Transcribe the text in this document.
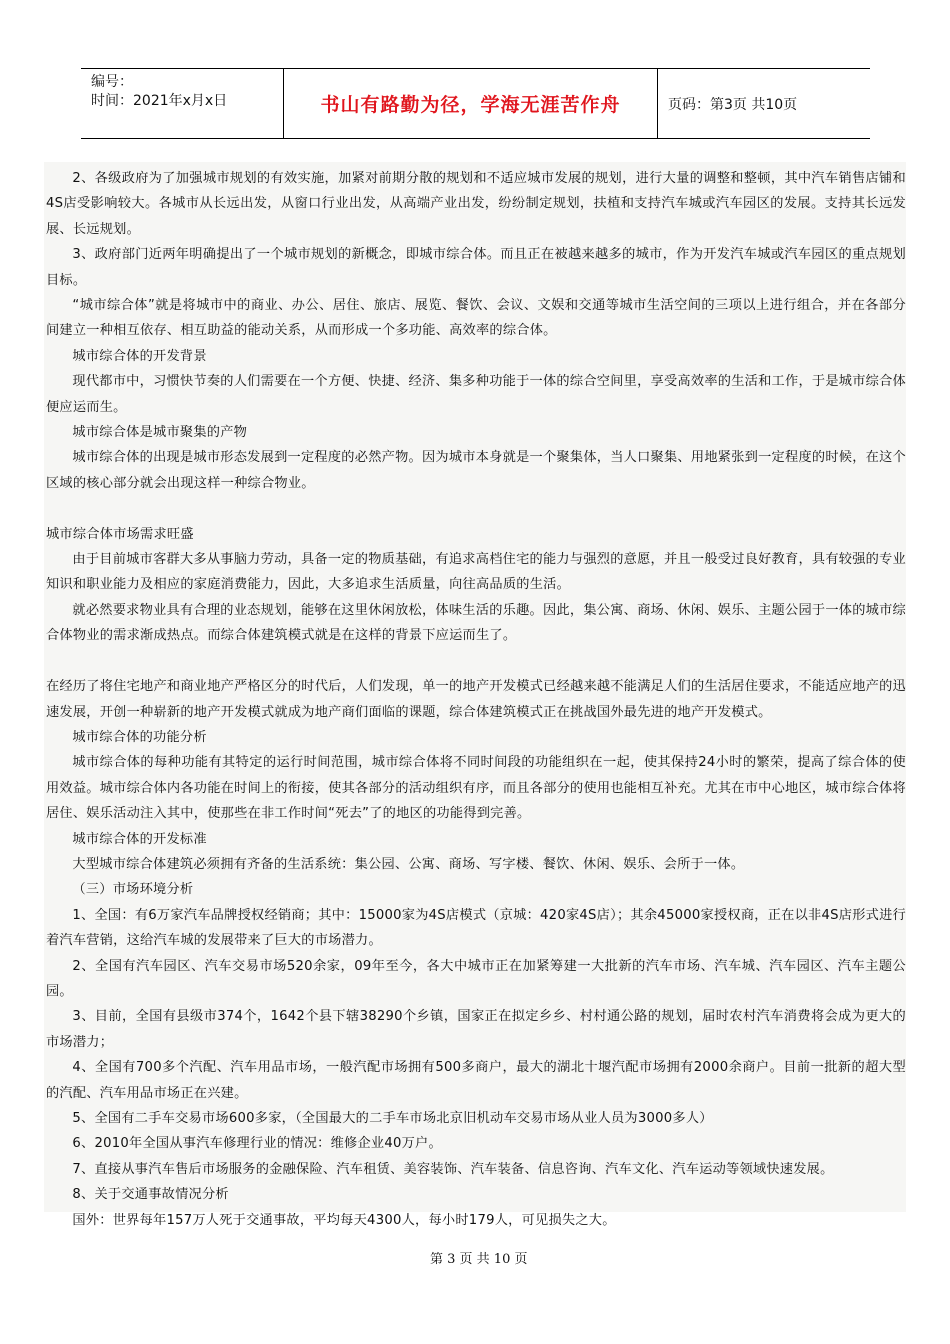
编号：
时间：2021年x月x日	书山有路勤为径，学海无涯苦作舟	页码：第3页 共10页

2、各级政府为了加强城市规划的有效实施，加紧对前期分散的规划和不适应城市发展的规划，进行大量的调整和整顿，其中汽车销售店铺和4S店受影响较大。各城市从长远出发，从窗口行业出发，从高端产业出发，纷纷制定规划，扶植和支持汽车城或汽车园区的发展。支持其长远发展、长远规划。

3、政府部门近两年明确提出了一个城市规划的新概念，即城市综合体。而且正在被越来越多的城市，作为开发汽车城或汽车园区的重点规划目标。

“城市综合体”就是将城市中的商业、办公、居住、旅店、展览、餐饮、会议、文娱和交通等城市生活空间的三项以上进行组合，并在各部分间建立一种相互依存、相互助益的能动关系，从而形成一个多功能、高效率的综合体。

城市综合体的开发背景

现代都市中，习惯快节奏的人们需要在一个方便、快捷、经济、集多种功能于一体的综合空间里，享受高效率的生活和工作，于是城市综合体便应运而生。

城市综合体是城市聚集的产物

城市综合体的出现是城市形态发展到一定程度的必然产物。因为城市本身就是一个聚集体，当人口聚集、用地紧张到一定程度的时候，在这个区域的核心部分就会出现这样一种综合物业。

城市综合体市场需求旺盛

由于目前城市客群大多从事脑力劳动，具备一定的物质基础，有追求高档住宅的能力与强烈的意愿，并且一般受过良好教育，具有较强的专业知识和职业能力及相应的家庭消费能力，因此，大多追求生活质量，向往高品质的生活。

就必然要求物业具有合理的业态规划，能够在这里休闲放松，体味生活的乐趣。因此，集公寓、商场、休闲、娱乐、主题公园于一体的城市综合体物业的需求渐成热点。而综合体建筑模式就是在这样的背景下应运而生了。

在经历了将住宅地产和商业地产严格区分的时代后，人们发现，单一的地产开发模式已经越来越不能满足人们的生活居住要求，不能适应地产的迅速发展，开创一种崭新的地产开发模式就成为地产商们面临的课题，综合体建筑模式正在挑战国外最先进的地产开发模式。

城市综合体的功能分析

城市综合体的每种功能有其特定的运行时间范围，城市综合体将不同时间段的功能组织在一起，使其保持24小时的繁荣，提高了综合体的使用效益。城市综合体内各功能在时间上的衔接，使其各部分的活动组织有序，而且各部分的使用也能相互补充。尤其在市中心地区，城市综合体将居住、娱乐活动注入其中，使那些在非工作时间“死去”了的地区的功能得到完善。

城市综合体的开发标准

大型城市综合体建筑必须拥有齐备的生活系统：集公园、公寓、商场、写字楼、餐饮、休闲、娱乐、会所于一体。

（三）市场环境分析

1、全国：有6万家汽车品牌授权经销商；其中：15000家为4S店模式（京城：420家4S店）；其余45000家授权商，正在以非4S店形式进行着汽车营销，这给汽车城的发展带来了巨大的市场潜力。

2、全国有汽车园区、汽车交易市场520余家，09年至今，各大中城市正在加紧筹建一大批新的汽车市场、汽车城、汽车园区、汽车主题公园。

3、目前，全国有县级市374个，1642个县下辖38290个乡镇，国家正在拟定乡乡、村村通公路的规划，届时农村汽车消费将会成为更大的市场潜力；

4、全国有700多个汽配、汽车用品市场，一般汽配市场拥有500多商户，最大的湖北十堰汽配市场拥有2000余商户。目前一批新的超大型的汽配、汽车用品市场正在兴建。

5、全国有二手车交易市场600多家，（全国最大的二手车市场北京旧机动车交易市场从业人员为3000多人）

6、2010年全国从事汽车修理行业的情况：维修企业40万户。

7、直接从事汽车售后市场服务的金融保险、汽车租赁、美容装饰、汽车装备、信息咨询、汽车文化、汽车运动等领域快速发展。

8、关于交通事故情况分析

国外：世界每年157万人死于交通事故，平均每天4300人，每小时179人，可见损失之大。

第 3 页 共 10 页
